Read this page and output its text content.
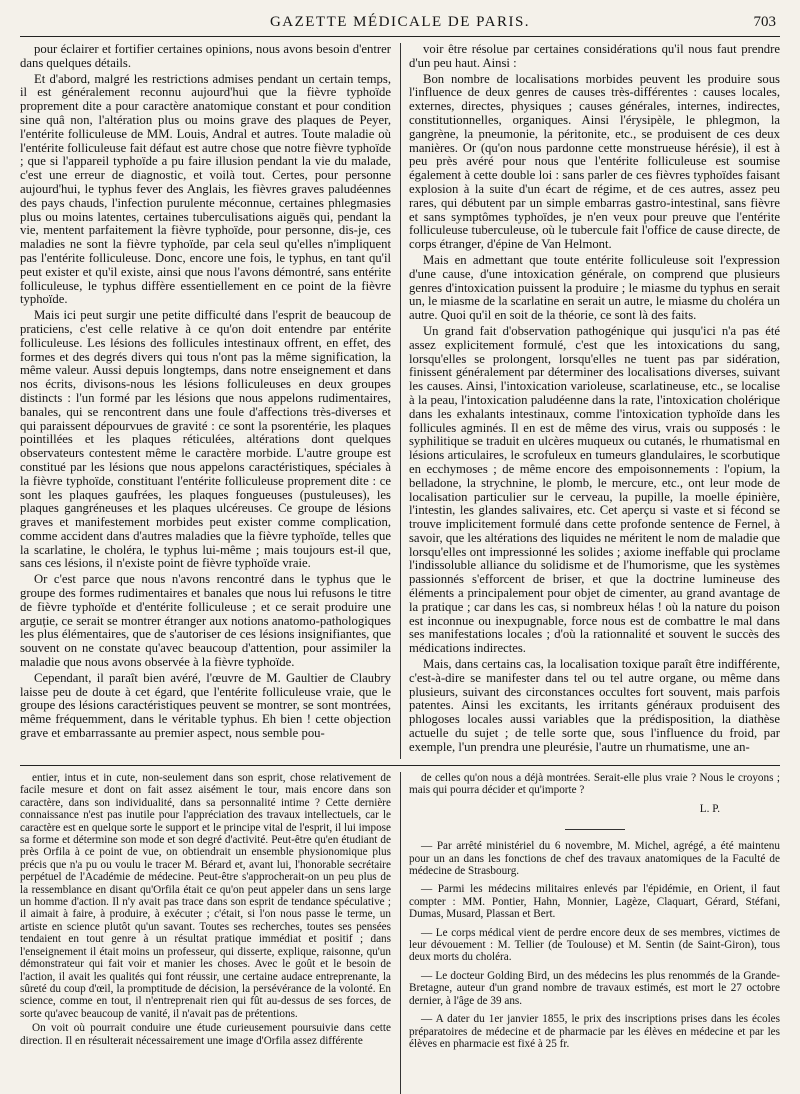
GAZETTE MÉDICALE DE PARIS.	703

pour éclairer et fortifier certaines opinions, nous avons besoin d'entrer dans quelques détails.

Et d'abord, malgré les restrictions admises pendant un certain temps, il est généralement reconnu aujourd'hui que la fièvre typhoïde proprement dite a pour caractère anatomique constant et pour condition sine quâ non, l'altération plus ou moins grave des plaques de Peyer, l'entérite folliculeuse de MM. Louis, Andral et autres. Toute maladie où l'entérite folliculeuse fait défaut est autre chose que notre fièvre typhoïde ; que si l'appareil typhoïde a pu faire illusion pendant la vie du malade, c'est une erreur de diagnostic, et voilà tout. Certes, pour personne aujourd'hui, le typhus fever des Anglais, les fièvres graves paludéennes des pays chauds, l'infection purulente méconnue, certaines phlegmasies plus ou moins latentes, certaines tuberculisations aiguës qui, pendant la vie, mentent parfaitement la fièvre typhoïde, pour personne, dis-je, ces maladies ne sont la fièvre typhoïde, par cela seul qu'elles n'impliquent pas l'entérite folliculeuse. Donc, encore une fois, le typhus, en tant qu'il peut exister et qu'il existe, ainsi que nous l'avons démontré, sans entérite folliculeuse, le typhus diffère essentiellement en ce point de la fièvre typhoïde.

Mais ici peut surgir une petite difficulté dans l'esprit de beaucoup de praticiens, c'est celle relative à ce qu'on doit entendre par entérite folliculeuse. Les lésions des follicules intestinaux offrent, en effet, des formes et des degrés divers qui tous n'ont pas la même signification, la même valeur. Aussi depuis longtemps, dans notre enseignement et dans nos écrits, divisons-nous les lésions folliculeuses en deux groupes distincts : l'un formé par les lésions que nous appelons rudimentaires, banales, qui se rencontrent dans une foule d'affections très-diverses et qui paraissent dépourvues de gravité : ce sont la psorentérie, les plaques pointillées et les plaques réticulées, altérations dont quelques observateurs contestent même le caractère morbide. L'autre groupe est constitué par les lésions que nous appelons caractéristiques, spéciales à la fièvre typhoïde, constituant l'entérite folliculeuse proprement dite : ce sont les plaques gaufrées, les plaques fongueuses (pustuleuses), les plaques gangréneuses et les plaques ulcéreuses. Ce groupe de lésions graves et manifestement morbides peut exister comme complication, comme accident dans d'autres maladies que la fièvre typhoïde, telles que la scarlatine, le choléra, le typhus lui-même ; mais toujours est-il que, sans ces lésions, il n'existe point de fièvre typhoïde vraie.

Or c'est parce que nous n'avons rencontré dans le typhus que le groupe des formes rudimentaires et banales que nous lui refusons le titre de fièvre typhoïde et d'entérite folliculeuse ; et ce serait produire une arguție, ce serait se montrer étranger aux notions anatomo-pathologiques les plus élémentaires, que de s'autoriser de ces lésions insignifiantes, que souvent on ne constate qu'avec beaucoup d'attention, pour assimiler la maladie que nous avons observée à la fièvre typhoïde.

Cependant, il paraît bien avéré, l'œuvre de M. Gaultier de Claubry laisse peu de doute à cet égard, que l'entérite folliculeuse vraie, que le groupe des lésions caractéristiques peuvent se montrer, se sont montrées, même fréquemment, dans le véritable typhus. Eh bien ! cette objection grave et embarrassante au premier aspect, nous semble pou-

voir être résolue par certaines considérations qu'il nous faut prendre d'un peu haut. Ainsi :

Bon nombre de localisations morbides peuvent les produire sous l'influence de deux genres de causes très-différentes : causes locales, externes, directes, physiques ; causes générales, internes, indirectes, constitutionnelles, organiques. Ainsi l'érysipèle, le phlegmon, la gangrène, la pneumonie, la péritonite, etc., se produisent de ces deux manières. Or (qu'on nous pardonne cette monstrueuse hérésie), il est à peu près avéré pour nous que l'entérite folliculeuse est soumise également à cette double loi : sans parler de ces fièvres typhoïdes faisant explosion à la suite d'un écart de régime, et de ces autres, assez peu rares, qui débutent par un simple embarras gastro-intestinal, sans fièvre et sans symptômes typhoïdes, je n'en veux pour preuve que l'entérite folliculeuse tuberculeuse, où le tubercule fait l'office de cause directe, de corps étranger, d'épine de Van Helmont.

Mais en admettant que toute entérite folliculeuse soit l'expression d'une cause, d'une intoxication générale, on comprend que plusieurs genres d'intoxication puissent la produire ; le miasme du typhus en serait un, le miasme de la scarlatine en serait un autre, le miasme du choléra un autre. Quoi qu'il en soit de la théorie, ce sont là des faits.

Un grand fait d'observation pathogénique qui jusqu'ici n'a pas été assez explicitement formulé, c'est que les intoxications du sang, lorsqu'elles se prolongent, lorsqu'elles ne tuent pas par sidération, finissent généralement par déterminer des localisations diverses, suivant les causes. Ainsi, l'intoxication varioleuse, scarlatineuse, etc., se localise à la peau, l'intoxication paludéenne dans la rate, l'intoxication cholérique dans les exhalants intestinaux, comme l'intoxication typhoïde dans les follicules agminés. Il en est de même des virus, vrais ou supposés : le syphilitique se traduit en ulcères muqueux ou cutanés, le rhumatismal en lésions articulaires, le scrofuleux en tumeurs glandulaires, le scorbutique en ecchymoses ; de même encore des empoisonnements : l'opium, la belladone, la strychnine, le plomb, le mercure, etc., ont leur mode de localisation particulier sur le cerveau, la pupille, la moelle épinière, l'intestin, les glandes salivaires, etc. Cet aperçu si vaste et si fécond se trouve implicitement formulé dans cette profonde sentence de Fernel, à savoir, que les altérations des liquides ne méritent le nom de maladie que lorsqu'elles ont impressionné les solides ; axiome ineffable qui proclame l'indissoluble alliance du solidisme et de l'humorisme, que les systèmes passionnés s'efforcent de briser, et que la doctrine lumineuse des éléments a principalement pour objet de cimenter, au grand avantage de la pratique ; car dans les cas, si nombreux hélas ! où la nature du poison est inconnue ou inexpugnable, force nous est de combattre le mal dans ses manifestations locales ; d'où la rationnalité et souvent le succès des médications indirectes.

Mais, dans certains cas, la localisation toxique paraît être indifférente, c'est-à-dire se manifester dans tel ou tel autre organe, ou même dans plusieurs, suivant des circonstances occultes fort souvent, mais parfois patentes. Ainsi les excitants, les irritants généraux produisent des phlogoses locales aussi variables que la prédisposition, la diathèse actuelle du sujet ; de telle sorte que, sous l'influence du froid, par exemple, l'un prendra une pleurésie, l'autre un rhumatisme, une an-

entier, intus et in cute, non-seulement dans son esprit, chose relativement de facile mesure et dont on fait assez aisément le tour, mais encore dans son caractère, dans son individualité, dans sa personnalité intime ? Cette dernière connaissance n'est pas inutile pour l'appréciation des travaux intellectuels, car le caractère est en quelque sorte le support et le principe vital de l'esprit, il lui impose sa forme et détermine son mode et son degré d'activité. Peut-être qu'en étudiant de près Orfila à ce point de vue, on obtiendrait un ensemble physionomique plus précis que n'a pu ou voulu le tracer M. Bérard et, avant lui, l'honorable secrétaire perpétuel de l'Académie de médecine. Peut-être s'approcherait-on un peu plus de la ressemblance en disant qu'Orfila était ce qu'on peut appeler dans un sens large un homme d'action. Il n'y avait pas trace dans son esprit de tendance spéculative ; il aimait à faire, à produire, à exécuter ; c'était, si l'on nous passe le terme, un artiste en science plutôt qu'un savant. Toutes ses recherches, toutes ses pensées tendaient en tout genre à un résultat pratique immédiat et positif ; dans l'enseignement il était moins un professeur, qui disserte, explique, raisonne, qu'un démonstrateur qui fait voir et manier les choses. Avec le goût et le besoin de l'action, il avait les qualités qui font réussir, une certaine audace entreprenante, la sûreté du coup d'œil, la promptitude de décision, la persévérance de la volonté. En science, comme en tout, il n'entreprenait rien qui fût au-dessus de ses forces, de sorte qu'avec beaucoup de vanité, il n'avait pas de prétentions.

On voit où pourrait conduire une étude curieusement poursuivie dans cette direction. Il en résulterait nécessairement une image d'Orfila assez différente

de celles qu'on nous a déjà montrées. Serait-elle plus vraie ? Nous le croyons ; mais qui pourra décider et qu'importe ?

L. P.

— Par arrêté ministériel du 6 novembre, M. Michel, agrégé, a été maintenu pour un an dans les fonctions de chef des travaux anatomiques de la Faculté de médecine de Strasbourg.

— Parmi les médecins militaires enlevés par l'épidémie, en Orient, il faut compter : MM. Pontier, Hahn, Monnier, Lagèze, Claquart, Gérard, Stéfani, Dumas, Musard, Plassan et Bert.

— Le corps médical vient de perdre encore deux de ses membres, victimes de leur dévouement : M. Tellier (de Toulouse) et M. Sentin (de Saint-Giron), tous deux morts du choléra.

— Le docteur Golding Bird, un des médecins les plus renommés de la Grande-Bretagne, auteur d'un grand nombre de travaux estimés, est mort le 27 octobre dernier, à l'âge de 39 ans.

— A dater du 1er janvier 1855, le prix des inscriptions prises dans les écoles préparatoires de médecine et de pharmacie par les élèves en médecine et par les élèves en pharmacie est fixé à 25 fr.
